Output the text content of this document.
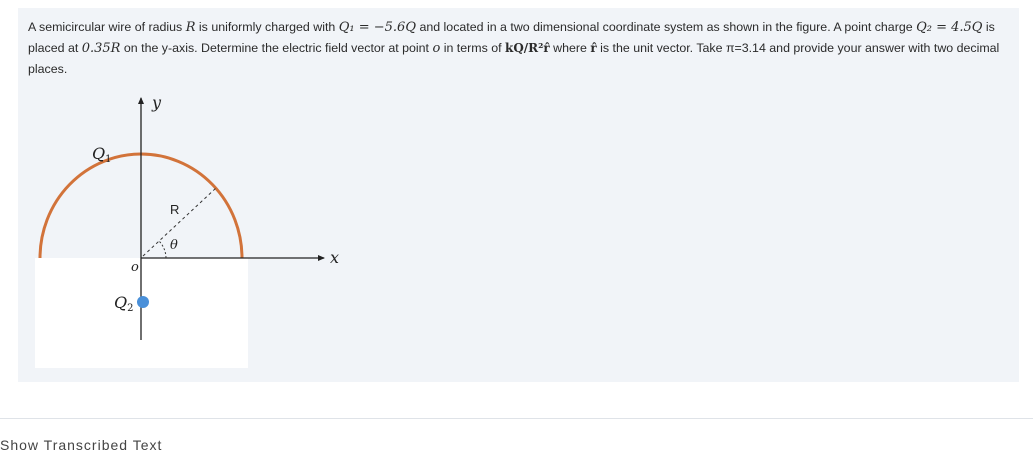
A semicircular wire of radius R is uniformly charged with Q₁ = −5.6Q and located in a two dimensional coordinate system as shown in the figure. A point charge Q₂ = 4.5Q is placed at 0.35R on the y-axis. Determine the electric field vector at point o in terms of kQ/R²r̂ where r̂ is the unit vector. Take π=3.14 and provide your answer with two decimal places.

y
x
Q1
Q2
R
θ
o
Show Transcribed Text
